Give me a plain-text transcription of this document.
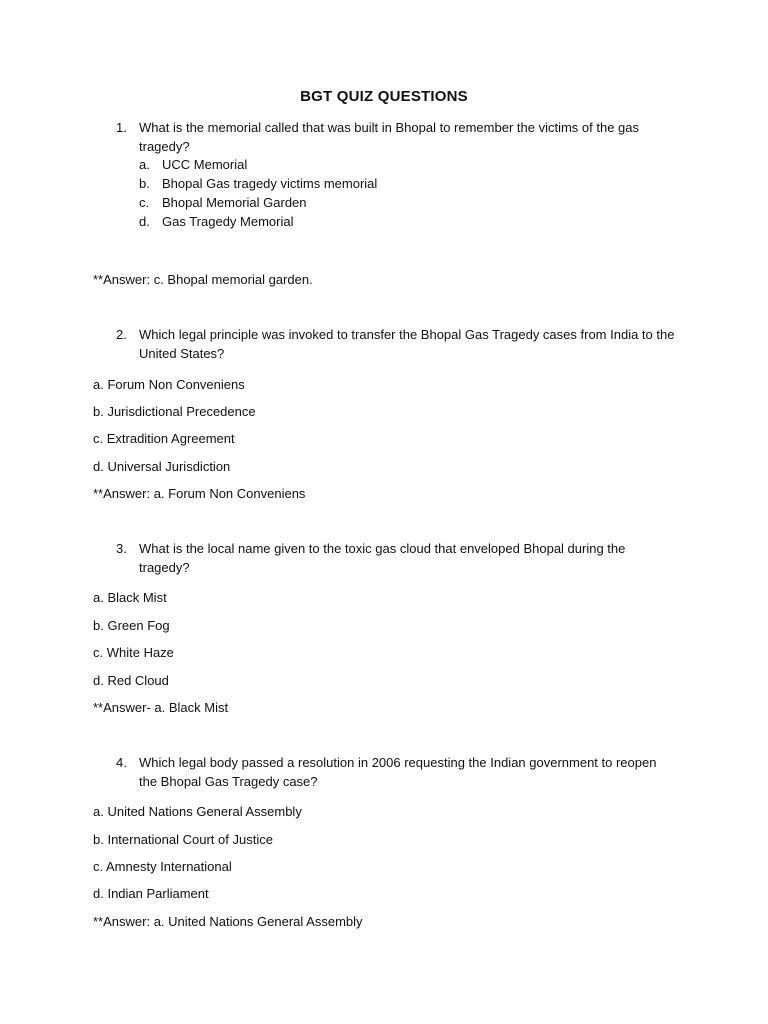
BGT QUIZ QUESTIONS
1. What is the memorial called that was built in Bhopal to remember the victims of the gas
tragedy?
a. UCC Memorial
b. Bhopal Gas tragedy victims memorial
c. Bhopal Memorial Garden
d. Gas Tragedy Memorial
**Answer: c. Bhopal memorial garden.
2. Which legal principle was invoked to transfer the Bhopal Gas Tragedy cases from India to the
United States?
a. Forum Non Conveniens
b. Jurisdictional Precedence
c. Extradition Agreement
d. Universal Jurisdiction
**Answer: a. Forum Non Conveniens
3. What is the local name given to the toxic gas cloud that enveloped Bhopal during the
tragedy?
a. Black Mist
b. Green Fog
c. White Haze
d. Red Cloud
**Answer- a. Black Mist
4. Which legal body passed a resolution in 2006 requesting the Indian government to reopen
the Bhopal Gas Tragedy case?
a. United Nations General Assembly
b. International Court of Justice
c. Amnesty International
d. Indian Parliament
**Answer: a. United Nations General Assembly
